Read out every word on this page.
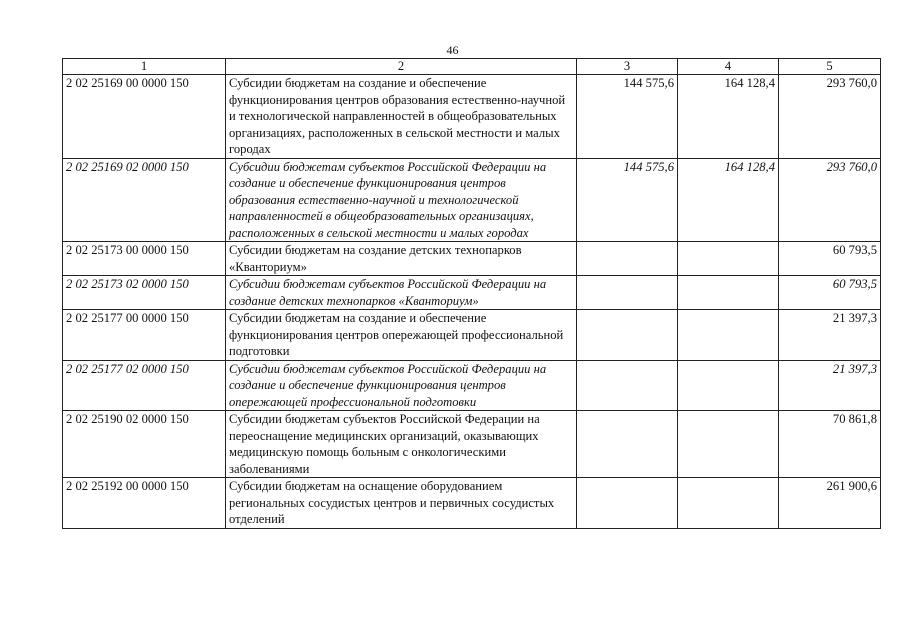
46
1	2	3	4	5
2 02 25169 00 0000 150	Субсидии бюджетам на создание и обеспечение функционирования центров образования естественно-научной и технологической направленностей в общеобразовательных организациях, расположенных в сельской местности и малых городах	144 575,6	164 128,4	293 760,0
2 02 25169 02 0000 150	Субсидии бюджетам субъектов Российской Федерации на создание и обеспечение функционирования центров образования естественно-научной и технологической направленностей в общеобразовательных организациях, расположенных в сельской местности и малых городах	144 575,6	164 128,4	293 760,0
2 02 25173 00 0000 150	Субсидии бюджетам на создание детских технопарков «Кванториум»			60 793,5
2 02 25173 02 0000 150	Субсидии бюджетам субъектов Российской Федерации на создание детских технопарков «Кванториум»			60 793,5
2 02 25177 00 0000 150	Субсидии бюджетам на создание и обеспечение функционирования центров опережающей профессиональной подготовки			21 397,3
2 02 25177 02 0000 150	Субсидии бюджетам субъектов Российской Федерации на создание и обеспечение функционирования центров опережающей профессиональной подготовки			21 397,3
2 02 25190 02 0000 150	Субсидии бюджетам субъектов Российской Федерации на переоснащение медицинских организаций, оказывающих медицинскую помощь больным с онкологическими заболеваниями			70 861,8
2 02 25192 00 0000 150	Субсидии бюджетам на оснащение оборудованием региональных сосудистых центров и первичных сосудистых отделений			261 900,6
